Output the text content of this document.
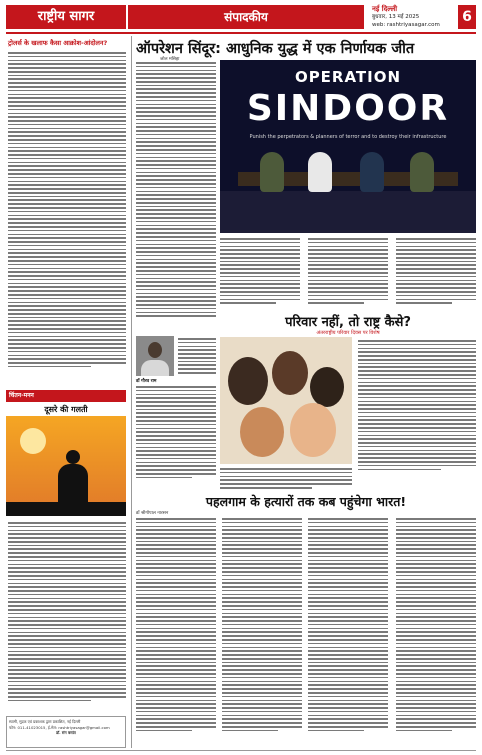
राष्ट्रीय सागर	संपादकीय
नई दिल्ली
बुधवार, 13 मई 2025
web: rashtriyasagar.com	6
ट्रोलर्स के खलाफ कैसा आक्रोश-आंदोलन?	ऑपरेशन सिंदूर: आधुनिक युद्ध में एक निर्णायक जीत
जोल मसिहा
OPERATION
SINDOOR
Punish the perpetrators & planners of terror and to destroy their infrastructure
परिवार नहीं, तो राष्ट्र कैसे?
अंतरराष्ट्रीय परिवार दिवस पर विशेष
डॉ गौरव राम
चिंतन-मनन
दूसरे की गलती
पहलगाम के हत्यारों तक कब पहुंचेगा भारत!
डॉ श्रीगोपाल नारसन
स्वामी, मुद्रक एवं प्रकाशक द्वारा प्रकाशित, नई दिल्ली
फोन: 011-41023015, ई-मेल: rashtriyasagar@gmail.com
डॉ. संग बसांत
